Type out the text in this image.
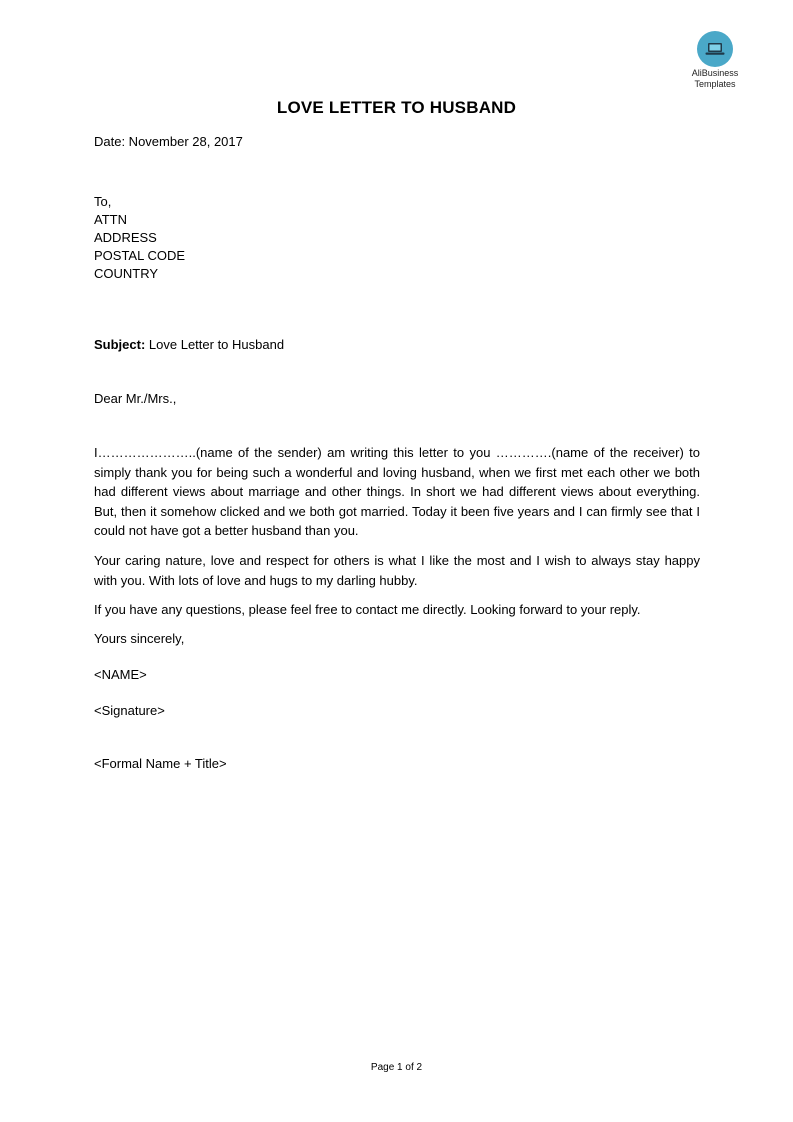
AliBusiness
Templates
LOVE LETTER TO HUSBAND
Date: November 28, 2017
To,
ATTN
ADDRESS
POSTAL CODE
COUNTRY
Subject: Love Letter to Husband
Dear Mr./Mrs.,
I…………………..(name of the sender) am writing this letter to you ………….(name of the receiver) to simply thank you for being such a wonderful and loving husband, when we first met each other we both had different views about marriage and other things. In short we had different views about everything. But, then it somehow clicked and we both got married. Today it been five years and I can firmly see that I could not have got a better husband than you.
Your caring nature, love and respect for others is what I like the most and I wish to always stay happy with you. With lots of love and hugs to my darling hubby.
If you have any questions, please feel free to contact me directly. Looking forward to your reply.
Yours sincerely,
<NAME>
<Signature>
<Formal Name + Title>
Page 1 of 2
